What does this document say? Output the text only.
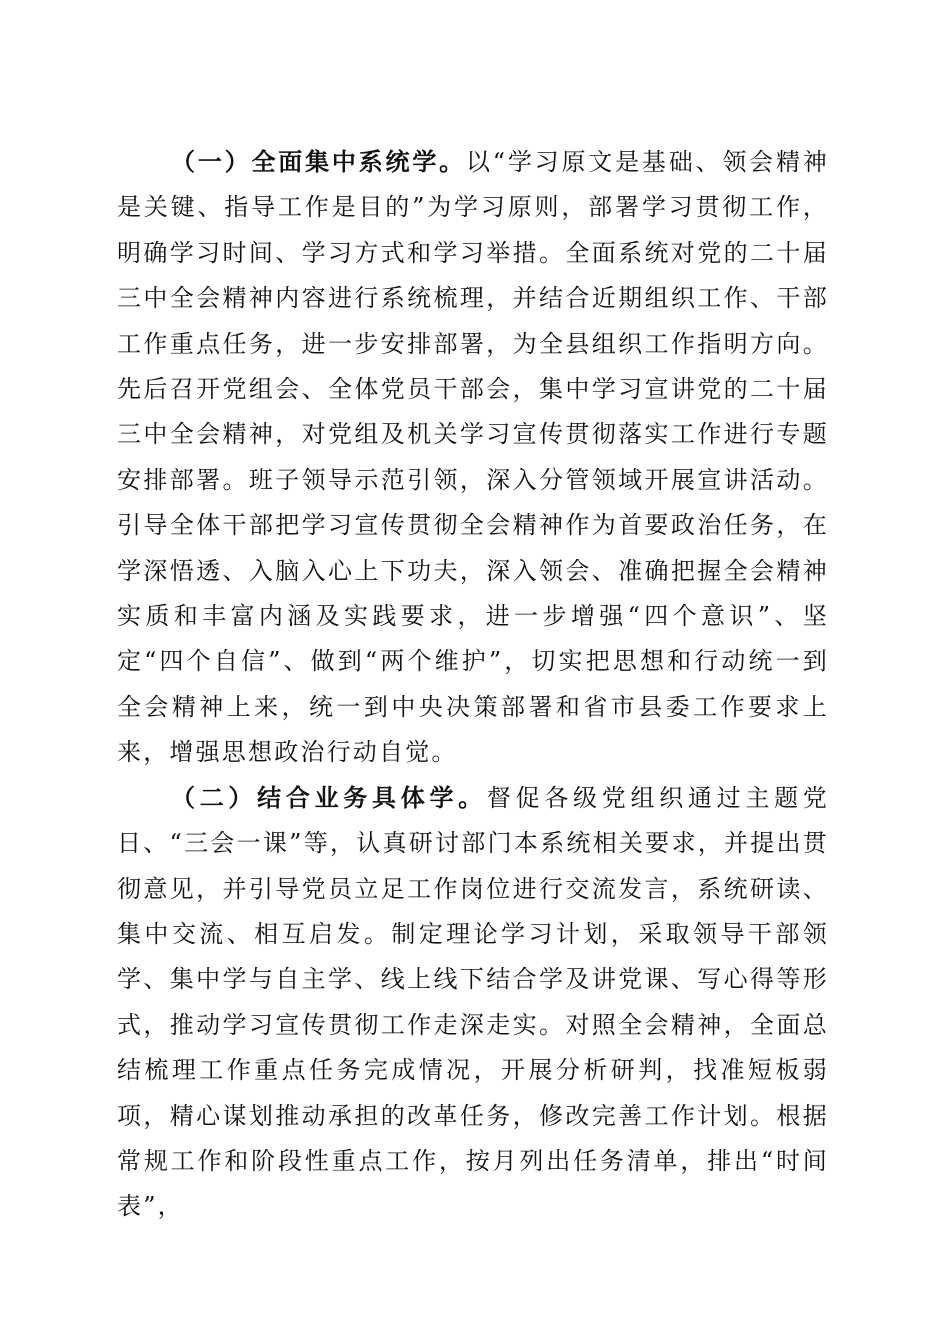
（一）全面集中系统学。以“学习原文是基础、领会精神是关键、指导工作是目的”为学习原则，部署学习贯彻工作，明确学习时间、学习方式和学习举措。全面系统对党的二十届三中全会精神内容进行系统梳理，并结合近期组织工作、干部工作重点任务，进一步安排部署，为全县组织工作指明方向。先后召开党组会、全体党员干部会，集中学习宣讲党的二十届三中全会精神，对党组及机关学习宣传贯彻落实工作进行专题安排部署。班子领导示范引领，深入分管领域开展宣讲活动。引导全体干部把学习宣传贯彻全会精神作为首要政治任务，在学深悟透、入脑入心上下功夫，深入领会、准确把握全会精神实质和丰富内涵及实践要求，进一步增强“四个意识”、坚定“四个自信”、做到“两个维护”，切实把思想和行动统一到全会精神上来，统一到中央决策部署和省市县委工作要求上来，增强思想政治行动自觉。

（二）结合业务具体学。督促各级党组织通过主题党日、“三会一课”等，认真研讨部门本系统相关要求，并提出贯彻意见，并引导党员立足工作岗位进行交流发言，系统研读、集中交流、相互启发。制定理论学习计划，采取领导干部领学、集中学与自主学、线上线下结合学及讲党课、写心得等形式，推动学习宣传贯彻工作走深走实。对照全会精神，全面总结梳理工作重点任务完成情况，开展分析研判，找准短板弱项，精心谋划推动承担的改革任务，修改完善工作计划。根据常规工作和阶段性重点工作，按月列出任务清单，排出“时间表”，
